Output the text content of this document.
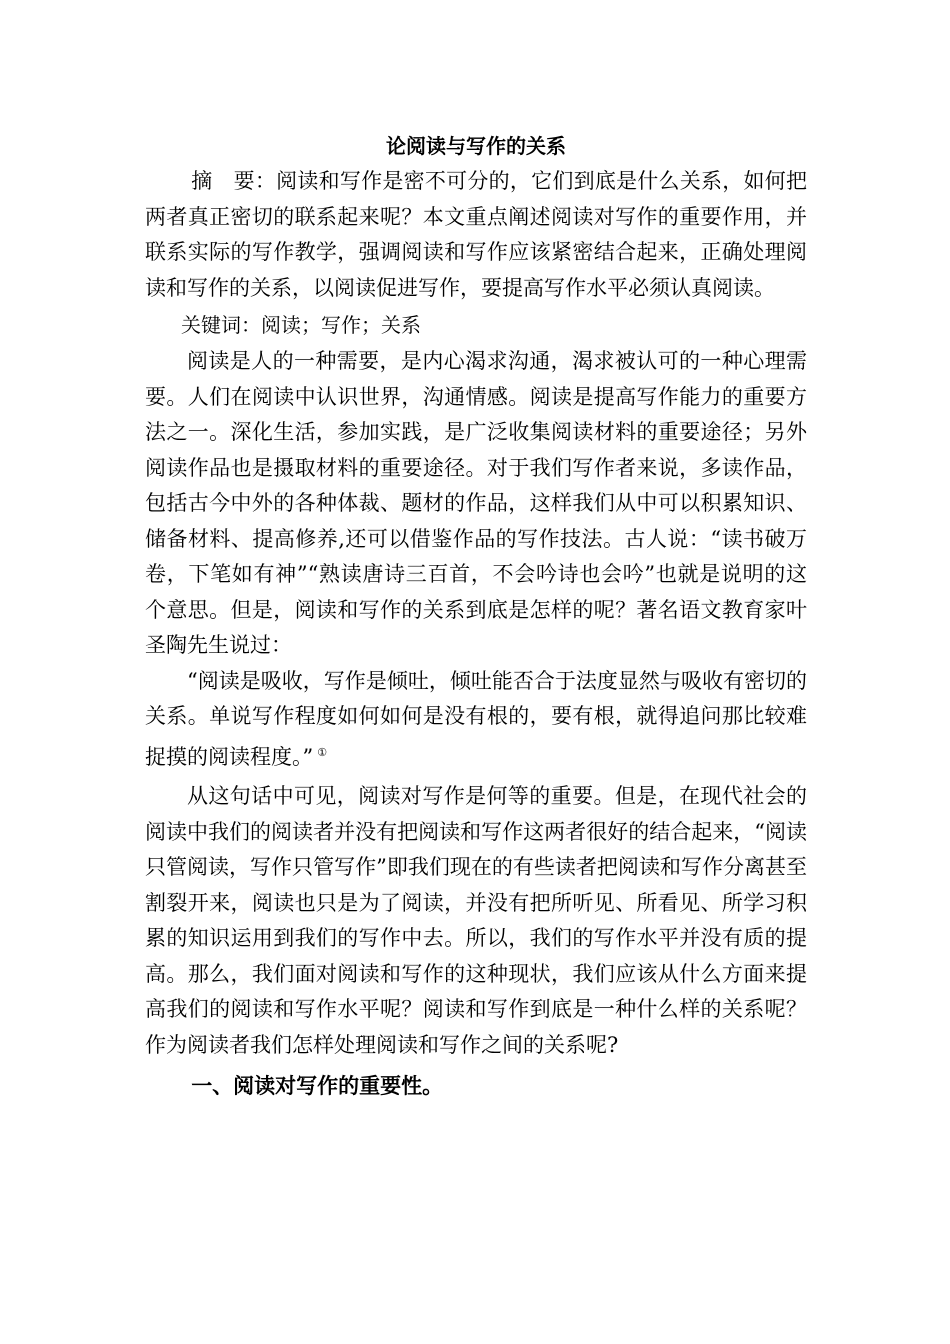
论阅读与写作的关系

摘　要：阅读和写作是密不可分的，它们到底是什么关系，如何把两者真正密切的联系起来呢？本文重点阐述阅读对写作的重要作用，并联系实际的写作教学，强调阅读和写作应该紧密结合起来，正确处理阅读和写作的关系，以阅读促进写作，要提高写作水平必须认真阅读。

关键词：阅读；写作；关系

阅读是人的一种需要，是内心渴求沟通，渴求被认可的一种心理需要。人们在阅读中认识世界，沟通情感。阅读是提高写作能力的重要方法之一。深化生活，参加实践，是广泛收集阅读材料的重要途径；另外阅读作品也是摄取材料的重要途径。对于我们写作者来说，多读作品，包括古今中外的各种体裁、题材的作品，这样我们从中可以积累知识、储备材料、提高修养,还可以借鉴作品的写作技法。古人说：“读书破万卷，下笔如有神”“熟读唐诗三百首，不会吟诗也会吟”也就是说明的这个意思。但是，阅读和写作的关系到底是怎样的呢？著名语文教育家叶圣陶先生说过：

“阅读是吸收，写作是倾吐，倾吐能否合于法度显然与吸收有密切的关系。单说写作程度如何如何是没有根的，要有根，就得追问那比较难捉摸的阅读程度。” ①

从这句话中可见，阅读对写作是何等的重要。但是，在现代社会的阅读中我们的阅读者并没有把阅读和写作这两者很好的结合起来，“阅读只管阅读，写作只管写作”即我们现在的有些读者把阅读和写作分离甚至割裂开来，阅读也只是为了阅读，并没有把所听见、所看见、所学习积累的知识运用到我们的写作中去。所以，我们的写作水平并没有质的提高。那么，我们面对阅读和写作的这种现状，我们应该从什么方面来提高我们的阅读和写作水平呢？阅读和写作到底是一种什么样的关系呢？作为阅读者我们怎样处理阅读和写作之间的关系呢?

一、阅读对写作的重要性。
